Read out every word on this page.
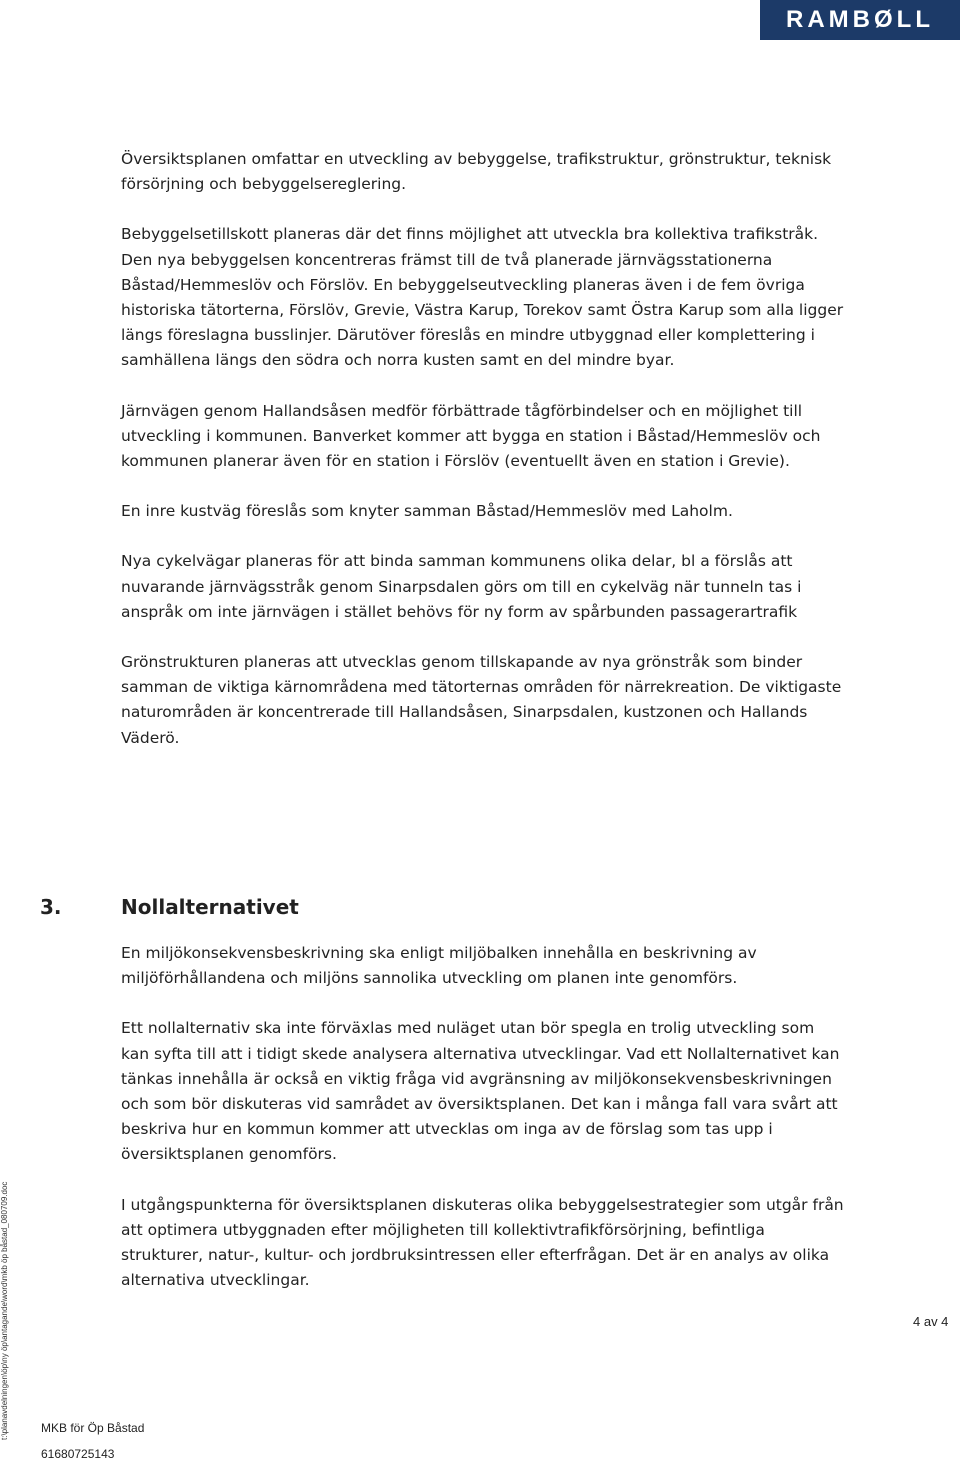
RAMBØLL

Översiktsplanen omfattar en utveckling av bebyggelse, trafikstruktur, grönstruktur, teknisk försörjning och bebyggelsereglering.

Bebyggelsetillskott planeras där det finns möjlighet att utveckla bra kollektiva trafikstråk. Den nya bebyggelsen koncentreras främst till de två planerade järnvägsstationerna Båstad/Hemmeslöv och Förslöv. En bebyggelseutveckling planeras även i de fem övriga historiska tätorterna, Förslöv, Grevie, Västra Karup, Torekov samt Östra Karup som alla ligger längs föreslagna busslinjer. Därutöver föreslås en mindre utbyggnad eller komplettering i samhällena längs den södra och norra kusten samt en del mindre byar.

Järnvägen genom Hallandsåsen medför förbättrade tågförbindelser och en möjlighet till utveckling i kommunen. Banverket kommer att bygga en station i Båstad/Hemmeslöv och kommunen planerar även för en station i Förslöv (eventuellt även en station i Grevie).

En inre kustväg föreslås som knyter samman Båstad/Hemmeslöv med Laholm.

Nya cykelvägar planeras för att binda samman kommunens olika delar, bl a förslås att nuvarande järnvägsstråk genom Sinarpsdalen görs om till en cykelväg när tunneln tas i anspråk om inte järnvägen i stället behövs för ny form av spårbunden passagerartrafik

Grönstrukturen planeras att utvecklas genom tillskapande av nya grönstråk som binder samman de viktiga kärnområdena med tätorternas områden för närrekreation. De viktigaste naturområden är koncentrerade till Hallandsåsen, Sinarpsdalen, kustzonen och Hallands Väderö.

3.	Nollalternativet

En miljökonsekvensbeskrivning ska enligt miljöbalken innehålla en beskrivning av miljöförhållandena och miljöns sannolika utveckling om planen inte genomförs.

Ett nollalternativ ska inte förväxlas med nuläget utan bör spegla en trolig utveckling som kan syfta till att i tidigt skede analysera alternativa utvecklingar. Vad ett Nollalternativet kan tänkas innehålla är också en viktig fråga vid avgränsning av miljökonsekvensbeskrivningen och som bör diskuteras vid samrådet av översiktsplanen. Det kan i många fall vara svårt att beskriva hur en kommun kommer att utvecklas om inga av de förslag som tas upp i översiktsplanen genomförs.

I utgångspunkterna för översiktsplanen diskuteras olika bebyggelsestrategier som utgår från att optimera utbyggnaden efter möjligheten till kollektivtrafikförsörjning, befintliga strukturer, natur-, kultur- och jordbruksintressen eller efterfrågan. Det är en analys av olika alternativa utvecklingar.

t:\planavdelningen\öp\ny öp\antagande\word\mkb öp båstad_080709.doc	4 av 4
MKB för Öp Båstad
61680725143
